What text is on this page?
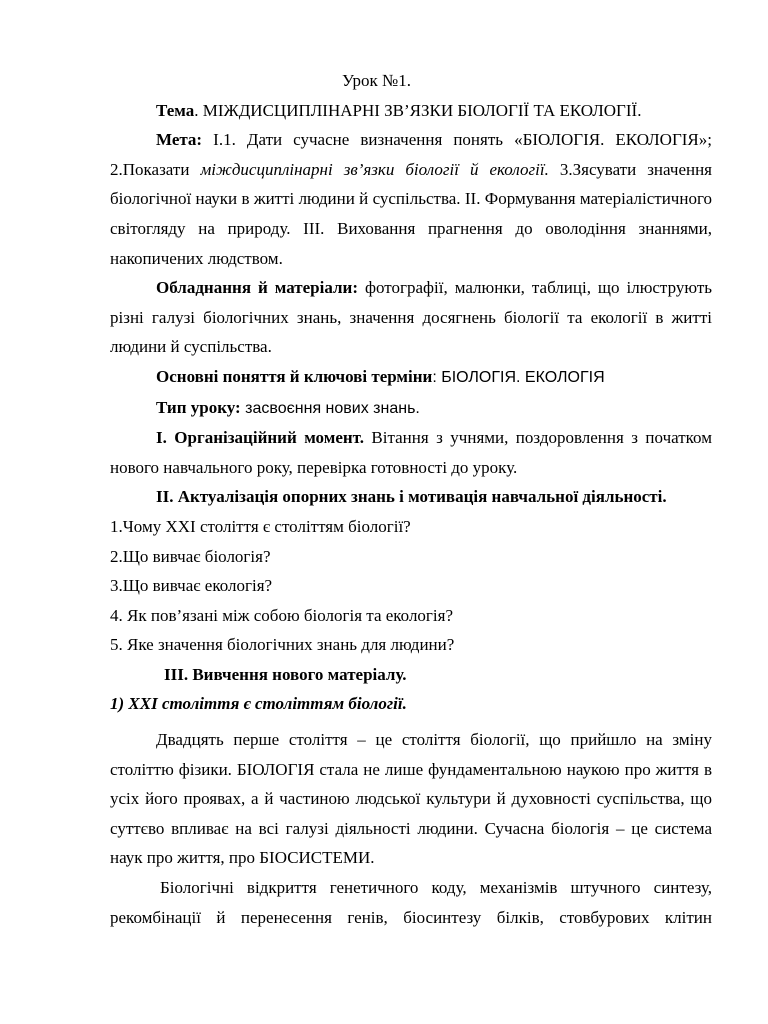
Урок №1.

Тема. МІЖДИСЦИПЛІНАРНІ ЗВ’ЯЗКИ БІОЛОГІЇ ТА ЕКОЛОГІЇ.

Мета: І.1. Дати сучасне визначення понять «БІОЛОГІЯ. ЕКОЛОГІЯ»; 2.Показати міждисциплінарні зв’язки біології й екології. 3.Зясувати значення біологічної науки в житті людини й суспільства. ІІ. Формування матеріалістичного світогляду на природу. ІІІ. Виховання прагнення до оволодіння знаннями, накопичених людством.

Обладнання й матеріали: фотографії, малюнки, таблиці, що ілюструють різні галузі біологічних знань, значення досягнень біології та екології в житті людини й суспільства.

Основні поняття й ключові терміни: БІОЛОГІЯ. ЕКОЛОГІЯ

Тип уроку: засвоєння нових знань.

І. Організаційний момент. Вітання з учнями, поздоровлення з початком нового навчального року, перевірка готовності до уроку.

ІІ. Актуалізація опорних знань і мотивація навчальної діяльності.

1.Чому ХХІ століття є століттям біології?

2.Що вивчає біологія?

3.Що вивчає екологія?

4. Як пов’язані між собою біологія та екологія?

5. Яке значення біологічних знань для людини?

ІІІ. Вивчення нового матеріалу.

1) ХХІ століття є століттям біології.

Двадцять перше століття – це століття біології, що прийшло на зміну століттю фізики. БІОЛОГІЯ стала не лише фундаментальною наукою про життя в усіх його проявах, а й частиною людської культури й духовності суспільства, що суттєво впливає на всі галузі діяльності людини. Сучасна біологія – це система наук про життя, про БІОСИСТЕМИ.

Біологічні відкриття генетичного коду, механізмів штучного синтезу, рекомбінації й перенесення генів, біосинтезу білків, стовбурових клітин
